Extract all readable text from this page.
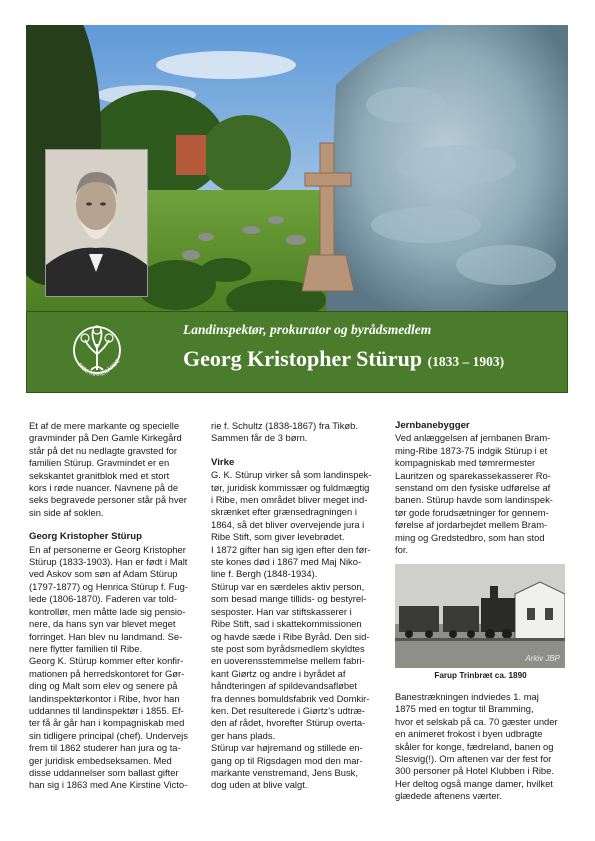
RIBE KIRKEGÅRDE
Landinspektør, prokurator og byrådsmedlem
Georg Kristopher Stürup (1833 – 1903)

Et af de mere markante og specielle

gravminder på Den Gamle Kirkegård

står på det nu nedlagte gravsted for

familien Stürup. Gravmindet er en

sekskantet granitblok med et stort

kors i røde nuancer. Navnene på de

seks begravede personer står på hver

sin side af soklen.

Georg Kristopher Stürup

En af personerne er Georg Kristopher

Stürup (1833-1903). Han er født i Malt

ved Askov som søn af Adam Stürup

(1797-1877) og Henrica Stürup f. Fug-

lede (1806-1870). Faderen var told-

kontrollør, men måtte lade sig pensio-

nere, da hans syn var blevet meget

forringet. Han blev nu landmand. Se-

nere flytter familien til Ribe.

Georg K. Stürup kommer efter konfir-

mationen på herredskontoret for Gør-

ding og Malt som elev og senere på

landinspektørkontor i Ribe, hvor han

uddannes til landinspektør i 1855. Ef-

ter få år går han i kompagniskab med

sin tidligere principal (chef). Undervejs

frem til 1862 studerer han jura og ta-

ger juridisk embedseksamen. Med

disse uddannelser som ballast gifter

han sig i 1863 med Ane Kirstine Victo-

rie f. Schultz (1838-1867) fra Tikøb.

Sammen får de 3 børn.

Virke

G. K. Stürup virker så som landinspek-

tør, juridisk kommissær og fuldmægtig

i Ribe, men området bliver meget ind-

skrænket efter grænsedragningen i

1864, så det bliver overvejende jura i

Ribe Stift, som giver levebrødet.

I 1872 gifter han sig igen efter den før-

ste kones død i 1867 med Maj Niko-

line f. Bergh (1848-1934).

Stürup var en særdeles aktiv person,

som besad mange tillids- og bestyrel-

sesposter. Han var stiftskasserer i

Ribe Stift, sad i skattekommissionen

og havde sæde i Ribe Byråd. Den sid-

ste post som byrådsmedlem skyldtes

en uoverensstemmelse mellem fabri-

kant Giørtz og andre i byrådet af

håndteringen af spildevandsafløbet

fra dennes bomuldsfabrik ved Domkir-

ken. Det resulterede i Giørtz's udtræ-

den af rådet, hvorefter Stürup overta-

ger hans plads.

Stürup var højremand og stillede en-

gang op til Rigsdagen mod den mar-

markante venstremand, Jens Busk,

dog uden at blive valgt.

Jernbanebygger

Ved anlæggelsen af jernbanen Bram-

ming-Ribe 1873-75 indgik Stürup i et

kompagniskab med tømrermester

Lauritzen og sparekassekasserer Ro-

senstand om den fysiske udførelse af

banen. Stürup havde som landinspek-

tør gode forudsætninger for gennem-

førelse af jordarbejdet mellem Bram-

ming og Gredstedbro, som han stod

for.

Arkiv JBP
Farup Trinbræt ca. 1890

Banestrækningen indviedes 1. maj

1875 med en togtur til Bramming,

hvor et selskab på ca. 70 gæster under

en animeret frokost i byen udbragte

skåler for konge, fædreland, banen og

Slesvig(!). Om aftenen var der fest for

300 personer på Hotel Klubben i Ribe.

Her deltog også mange damer, hvilket

glædede aftenens værter.
